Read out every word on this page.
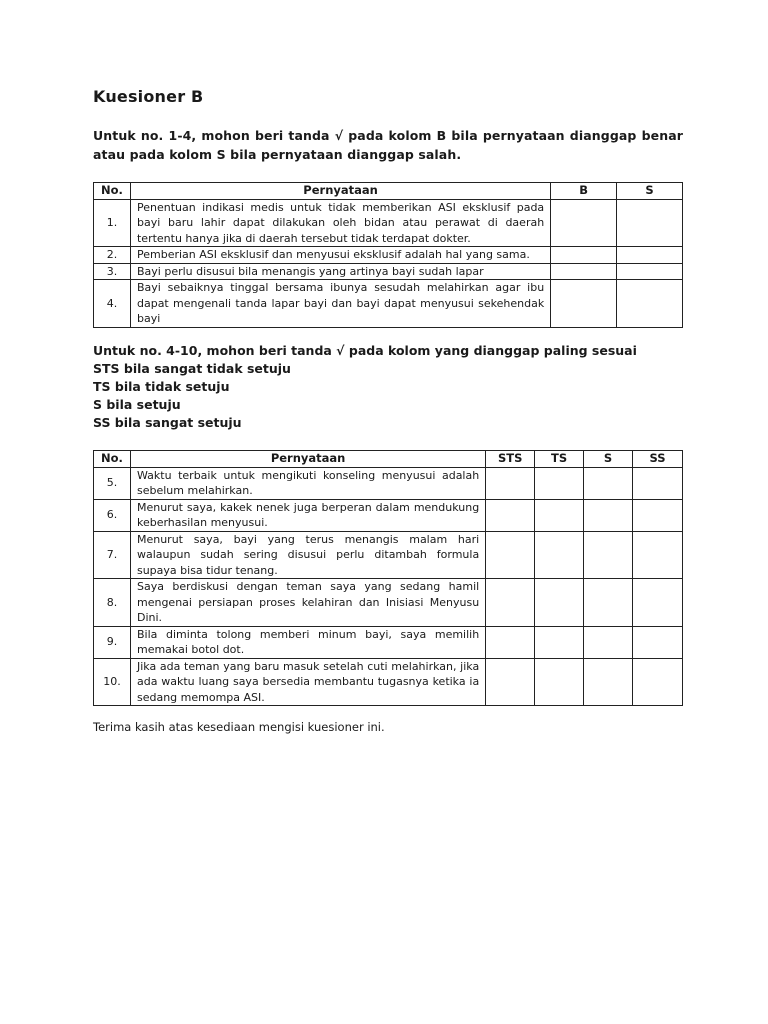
Kuesioner B
Untuk no. 1-4, mohon beri tanda √ pada kolom B bila pernyataan dianggap benar atau pada kolom S bila pernyataan dianggap salah.
No.	Pernyataan	B	S
1.	Penentuan indikasi medis untuk tidak memberikan ASI eksklusif pada bayi baru lahir dapat dilakukan oleh bidan atau perawat di daerah tertentu hanya jika di daerah tersebut tidak terdapat dokter.		
2.	Pemberian ASI eksklusif dan menyusui eksklusif adalah hal yang sama.		
3.	Bayi perlu disusui bila menangis yang artinya bayi sudah lapar		
4.	Bayi sebaiknya tinggal bersama ibunya sesudah melahirkan agar ibu dapat mengenali tanda lapar bayi dan bayi dapat menyusui sekehendak bayi		
Untuk no. 4-10, mohon beri tanda √ pada kolom yang dianggap paling sesuai
STS bila sangat tidak setuju
TS bila tidak setuju
S bila setuju
SS bila sangat setuju
No.	Pernyataan	STS	TS	S	SS
5.	Waktu terbaik untuk mengikuti konseling menyusui adalah sebelum melahirkan.				
6.	Menurut saya, kakek nenek juga berperan dalam mendukung keberhasilan menyusui.				
7.	Menurut saya, bayi yang terus menangis malam hari walaupun sudah sering disusui perlu ditambah formula supaya bisa tidur tenang.				
8.	Saya berdiskusi dengan teman saya yang sedang hamil mengenai persiapan proses kelahiran dan Inisiasi Menyusu Dini.				
9.	Bila diminta tolong memberi minum bayi, saya memilih memakai botol dot.				
10.	Jika ada teman yang baru masuk setelah cuti melahirkan, jika ada waktu luang saya bersedia membantu tugasnya ketika ia sedang memompa ASI.				
Terima kasih atas kesediaan mengisi kuesioner ini.
